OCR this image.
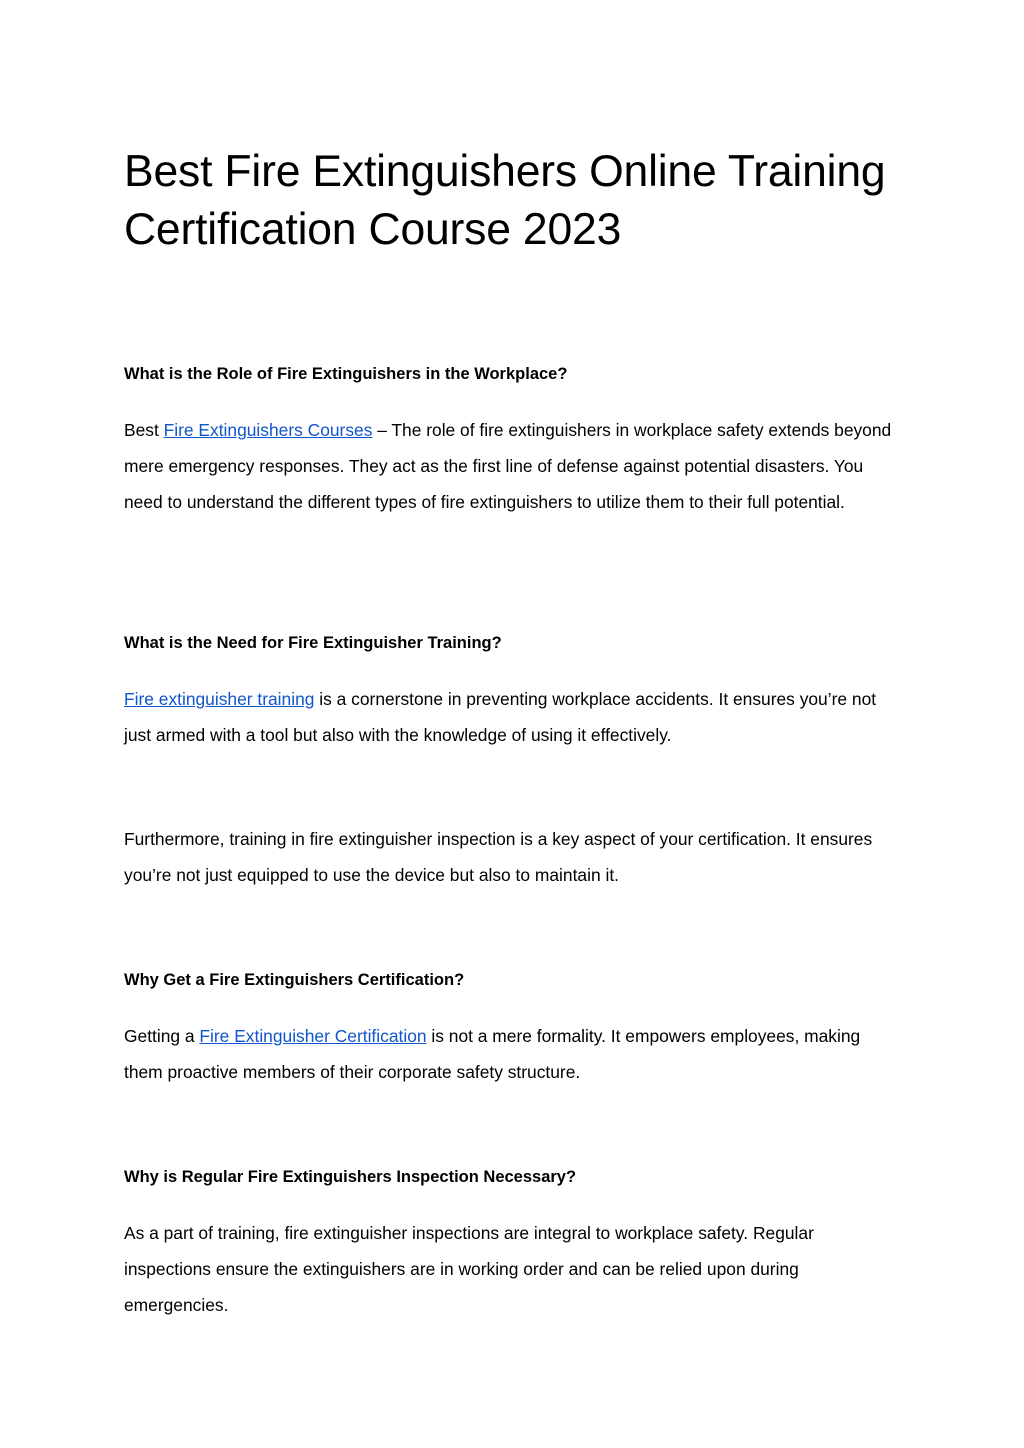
Best Fire Extinguishers Online Training
Certification Course 2023
What is the Role of Fire Extinguishers in the Workplace?

Best Fire Extinguishers Courses – The role of fire extinguishers in workplace safety extends beyond mere emergency responses. They act as the first line of defense against potential disasters. You need to understand the different types of fire extinguishers to utilize them to their full potential.

What is the Need for Fire Extinguisher Training?

Fire extinguisher training is a cornerstone in preventing workplace accidents. It ensures you’re not just armed with a tool but also with the knowledge of using it effectively.

Furthermore, training in fire extinguisher inspection is a key aspect of your certification. It ensures you’re not just equipped to use the device but also to maintain it.

Why Get a Fire Extinguishers Certification?

Getting a Fire Extinguisher Certification is not a mere formality. It empowers employees, making them proactive members of their corporate safety structure.

Why is Regular Fire Extinguishers Inspection Necessary?

As a part of training, fire extinguisher inspections are integral to workplace safety. Regular inspections ensure the extinguishers are in working order and can be relied upon during emergencies.
